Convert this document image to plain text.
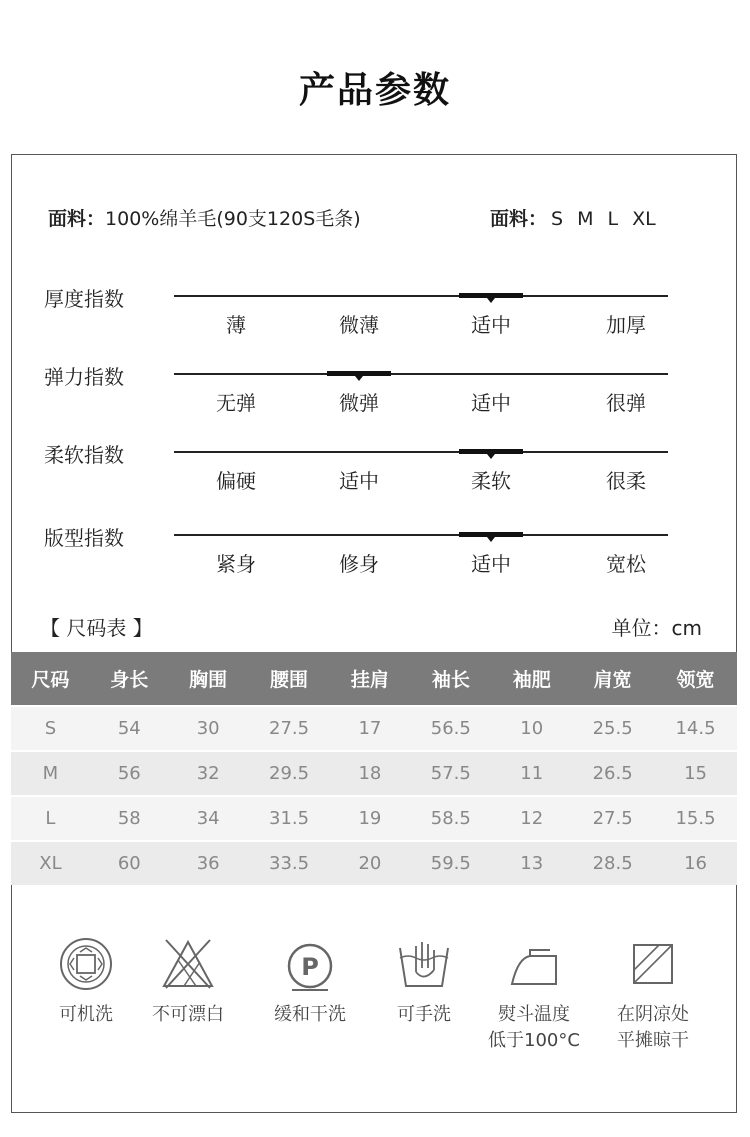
产品参数
面料：100%绵羊毛(90支120S毛条)	面料： S M L XL
厚度指数
薄	微薄	适中	加厚
弹力指数
无弹	微弹	适中	很弹
柔软指数
偏硬	适中	柔软	很柔
版型指数
紧身	修身	适中	宽松
【 尺码表 】	单位：cm
尺码	身长	胸围	腰围	挂肩	袖长	袖肥	肩宽	领宽
S	54	30	27.5	17	56.5	10	25.5	14.5
M	56	32	29.5	18	57.5	11	26.5	15
L	58	34	31.5	19	58.5	12	27.5	15.5
XL	60	36	33.5	20	59.5	13	28.5	16
可机洗	不可漂白
P
缓和干洗	可手洗	熨斗温度
低于100°C
在阴凉处
平摊晾干
